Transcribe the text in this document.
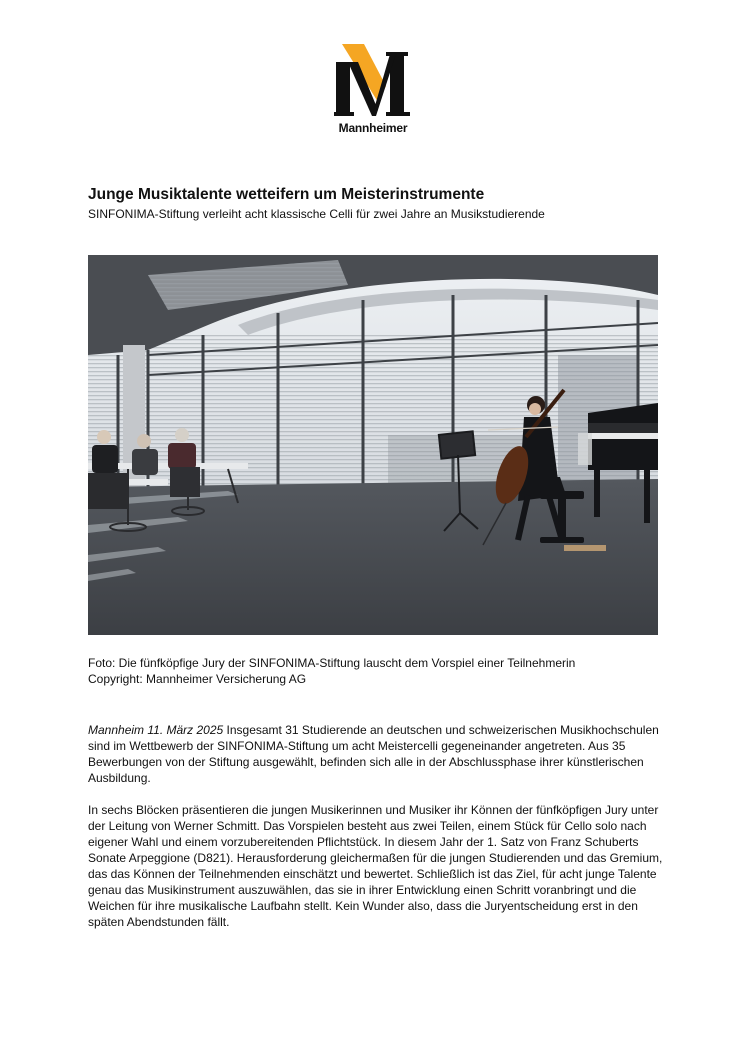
Mannheimer
Junge Musiktalente wetteifern um Meisterinstrumente
SINFONIMA-Stiftung verleiht acht klassische Celli für zwei Jahre an Musikstudierende
Foto: Die fünfköpfige Jury der SINFONIMA-Stiftung lauscht dem Vorspiel einer Teilnehmerin
Copyright: Mannheimer Versicherung AG

Mannheim 11. März 2025 Insgesamt 31 Studierende an deutschen und schweizerischen Musikhochschulen sind im Wettbewerb der SINFONIMA-Stiftung um acht Meistercelli gegeneinander angetreten. Aus 35 Bewerbungen von der Stiftung ausgewählt, befinden sich alle in der Abschlussphase ihrer künstlerischen Ausbildung.

In sechs Blöcken präsentieren die jungen Musikerinnen und Musiker ihr Können der fünfköpfigen Jury unter der Leitung von Werner Schmitt. Das Vorspielen besteht aus zwei Teilen, einem Stück für Cello solo nach eigener Wahl und einem vorzubereitenden Pflichtstück. In diesem Jahr der 1. Satz von Franz Schuberts Sonate Arpeggione (D821). Herausforderung gleichermaßen für die jungen Studierenden und das Gremium, das das Können der Teilnehmenden einschätzt und bewertet. Schließlich ist das Ziel, für acht junge Talente genau das Musikinstrument auszuwählen, das sie in ihrer Entwicklung einen Schritt voranbringt und die Weichen für ihre musikalische Laufbahn stellt. Kein Wunder also, dass die Juryentscheidung erst in den späten Abendstunden fällt.
